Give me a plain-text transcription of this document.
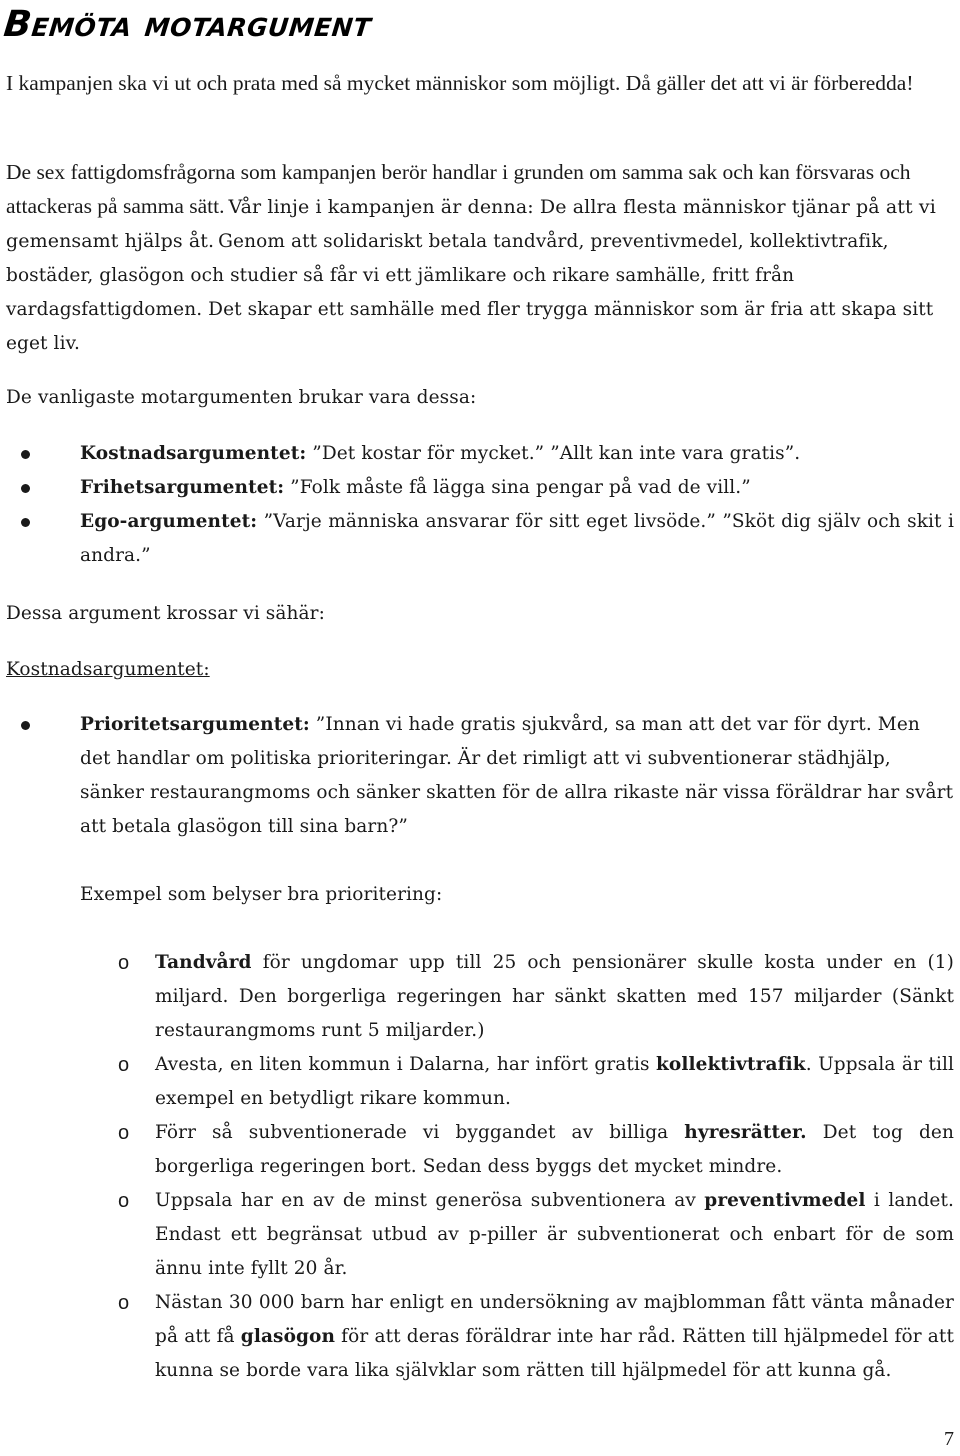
Bemöta motargument

I kampanjen ska vi ut och prata med så mycket människor som möjligt. Då gäller det att vi är förberedda!

De sex fattigdomsfrågorna som kampanjen berör handlar i grunden om samma sak och kan försvaras och attackeras på samma sätt. Vår linje i kampanjen är denna: De allra flesta människor tjänar på att vi gemensamt hjälps åt. Genom att solidariskt betala tandvård, preventivmedel, kollektivtrafik, bostäder, glasögon och studier så får vi ett jämlikare och rikare samhälle, fritt från vardagsfattigdomen. Det skapar ett samhälle med fler trygga människor som är fria att skapa sitt eget liv.

De vanligaste motargumenten brukar vara dessa:

Kostnadsargumentet: ”Det kostar för mycket.” ”Allt kan inte vara gratis”.
Frihetsargumentet: ”Folk måste få lägga sina pengar på vad de vill.”
Ego-argumentet: ”Varje människa ansvarar för sitt eget livsöde.” ”Sköt dig själv och skit i andra.”

Dessa argument krossar vi sähär:

Kostnadsargumentet:

Prioritetsargumentet: ”Innan vi hade gratis sjukvård, sa man att det var för dyrt. Men det handlar om politiska prioriteringar. Är det rimligt att vi subventionerar städhjälp, sänker restaurangmoms och sänker skatten för de allra rikaste när vissa föräldrar har svårt att betala glasögon till sina barn?”

Exempel som belyser bra prioritering:

o Tandvård för ungdomar upp till 25 och pensionärer skulle kosta under en (1) miljard. Den borgerliga regeringen har sänkt skatten med 157 miljarder (Sänkt restaurangmoms runt 5 miljarder.)
o Avesta, en liten kommun i Dalarna, har infört gratis kollektivtrafik. Uppsala är till exempel en betydligt rikare kommun.
o Förr så subventionerade vi byggandet av billiga hyresrätter. Det tog den borgerliga regeringen bort. Sedan dess byggs det mycket mindre.
o Uppsala har en av de minst generösa subventionera av preventivmedel i landet. Endast ett begränsat utbud av p-piller är subventionerat och enbart för de som ännu inte fyllt 20 år.
o Nästan 30 000 barn har enligt en undersökning av majblomman fått vänta månader på att få glasögon för att deras föräldrar inte har råd. Rätten till hjälpmedel för att kunna se borde vara lika självklar som rätten till hjälpmedel för att kunna gå.
7
